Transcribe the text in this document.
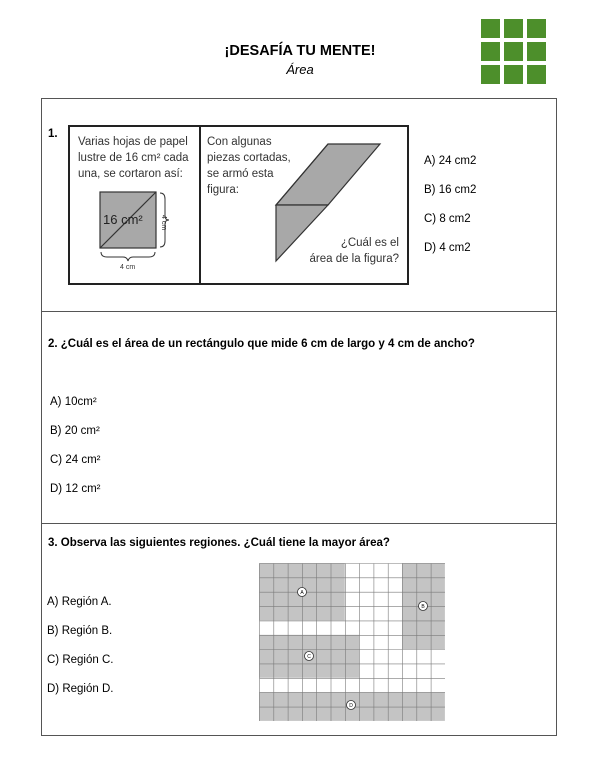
¡DESAFÍA TU MENTE!
Área
1.
Varias hojas de papel
lustre de 16 cm² cada
una, se cortaron así:
16 cm² 4 cm
4 cm
Con algunas
piezas cortadas,
se armó esta
figura:
¿Cuál es el
área de la figura?
A) 24 cm2
B) 16 cm2
C) 8 cm2
D) 4 cm2
2. ¿Cuál es el área de un rectángulo que mide 6 cm de largo y 4 cm de ancho?
A) 10cm²
B) 20 cm²
C) 24 cm²
D) 12 cm²
3. Observa las siguientes regiones. ¿Cuál tiene la mayor área?
A) Región A.
B) Región B.
C) Región C.
D) Región D.
A
B
C
D
